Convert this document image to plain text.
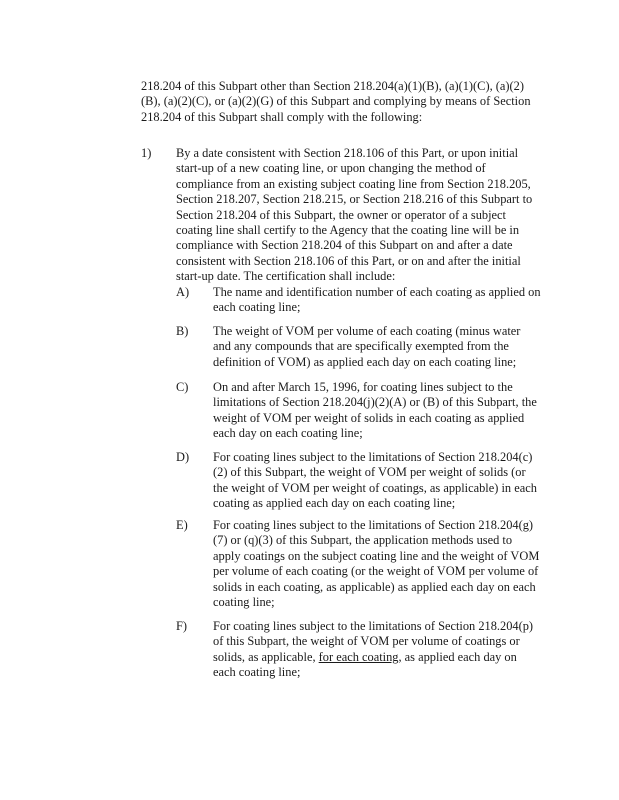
218.204 of this Subpart other than Section 218.204(a)(1)(B), (a)(1)(C), (a)(2)(B), (a)(2)(C), or (a)(2)(G) of this Subpart and complying by means of Section 218.204 of this Subpart shall comply with the following:
1) By a date consistent with Section 218.106 of this Part, or upon initial start-up of a new coating line, or upon changing the method of compliance from an existing subject coating line from Section 218.205, Section 218.207, Section 218.215, or Section 218.216 of this Subpart to Section 218.204 of this Subpart, the owner or operator of a subject coating line shall certify to the Agency that the coating line will be in compliance with Section 218.204 of this Subpart on and after a date consistent with Section 218.106 of this Part, or on and after the initial start-up date. The certification shall include:
A) The name and identification number of each coating as applied on each coating line;
B) The weight of VOM per volume of each coating (minus water and any compounds that are specifically exempted from the definition of VOM) as applied each day on each coating line;
C) On and after March 15, 1996, for coating lines subject to the limitations of Section 218.204(j)(2)(A) or (B) of this Subpart, the weight of VOM per weight of solids in each coating as applied each day on each coating line;
D) For coating lines subject to the limitations of Section 218.204(c)(2) of this Subpart, the weight of VOM per weight of solids (or the weight of VOM per weight of coatings, as applicable) in each coating as applied each day on each coating line;
E) For coating lines subject to the limitations of Section 218.204(g)(7) or (q)(3) of this Subpart, the application methods used to apply coatings on the subject coating line and the weight of VOM per volume of each coating (or the weight of VOM per volume of solids in each coating, as applicable) as applied each day on each coating line;
F) For coating lines subject to the limitations of Section 218.204(p) of this Subpart, the weight of VOM per volume of coatings or solids, as applicable, for each coating, as applied each day on each coating line;
